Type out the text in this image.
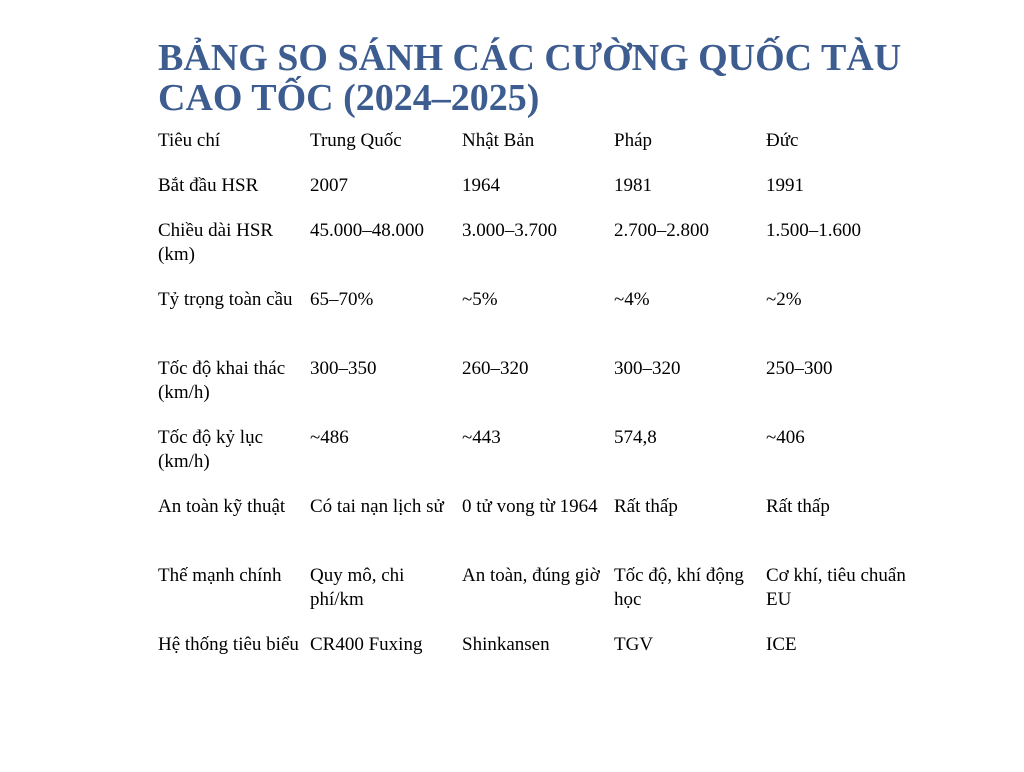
BẢNG SO SÁNH CÁC CƯỜNG QUỐC TÀU
CAO TỐC (2024–2025)
Tiêu chí	Trung Quốc	Nhật Bản	Pháp	Đức
Bắt đầu HSR	2007	1964	1981	1991
Chiều dài HSR (km)	45.000–48.000	3.000–3.700	2.700–2.800	1.500–1.600
Tỷ trọng toàn cầu	65–70%	~5%	~4%	~2%
Tốc độ khai thác (km/h)	300–350	260–320	300–320	250–300
Tốc độ kỷ lục (km/h)	~486	~443	574,8	~406
An toàn kỹ thuật	Có tai nạn lịch sử	0 tử vong từ 1964	Rất thấp	Rất thấp
Thế mạnh chính	Quy mô, chi phí/km	An toàn, đúng giờ	Tốc độ, khí động học	Cơ khí, tiêu chuẩn EU
Hệ thống tiêu biểu	CR400 Fuxing	Shinkansen	TGV	ICE
